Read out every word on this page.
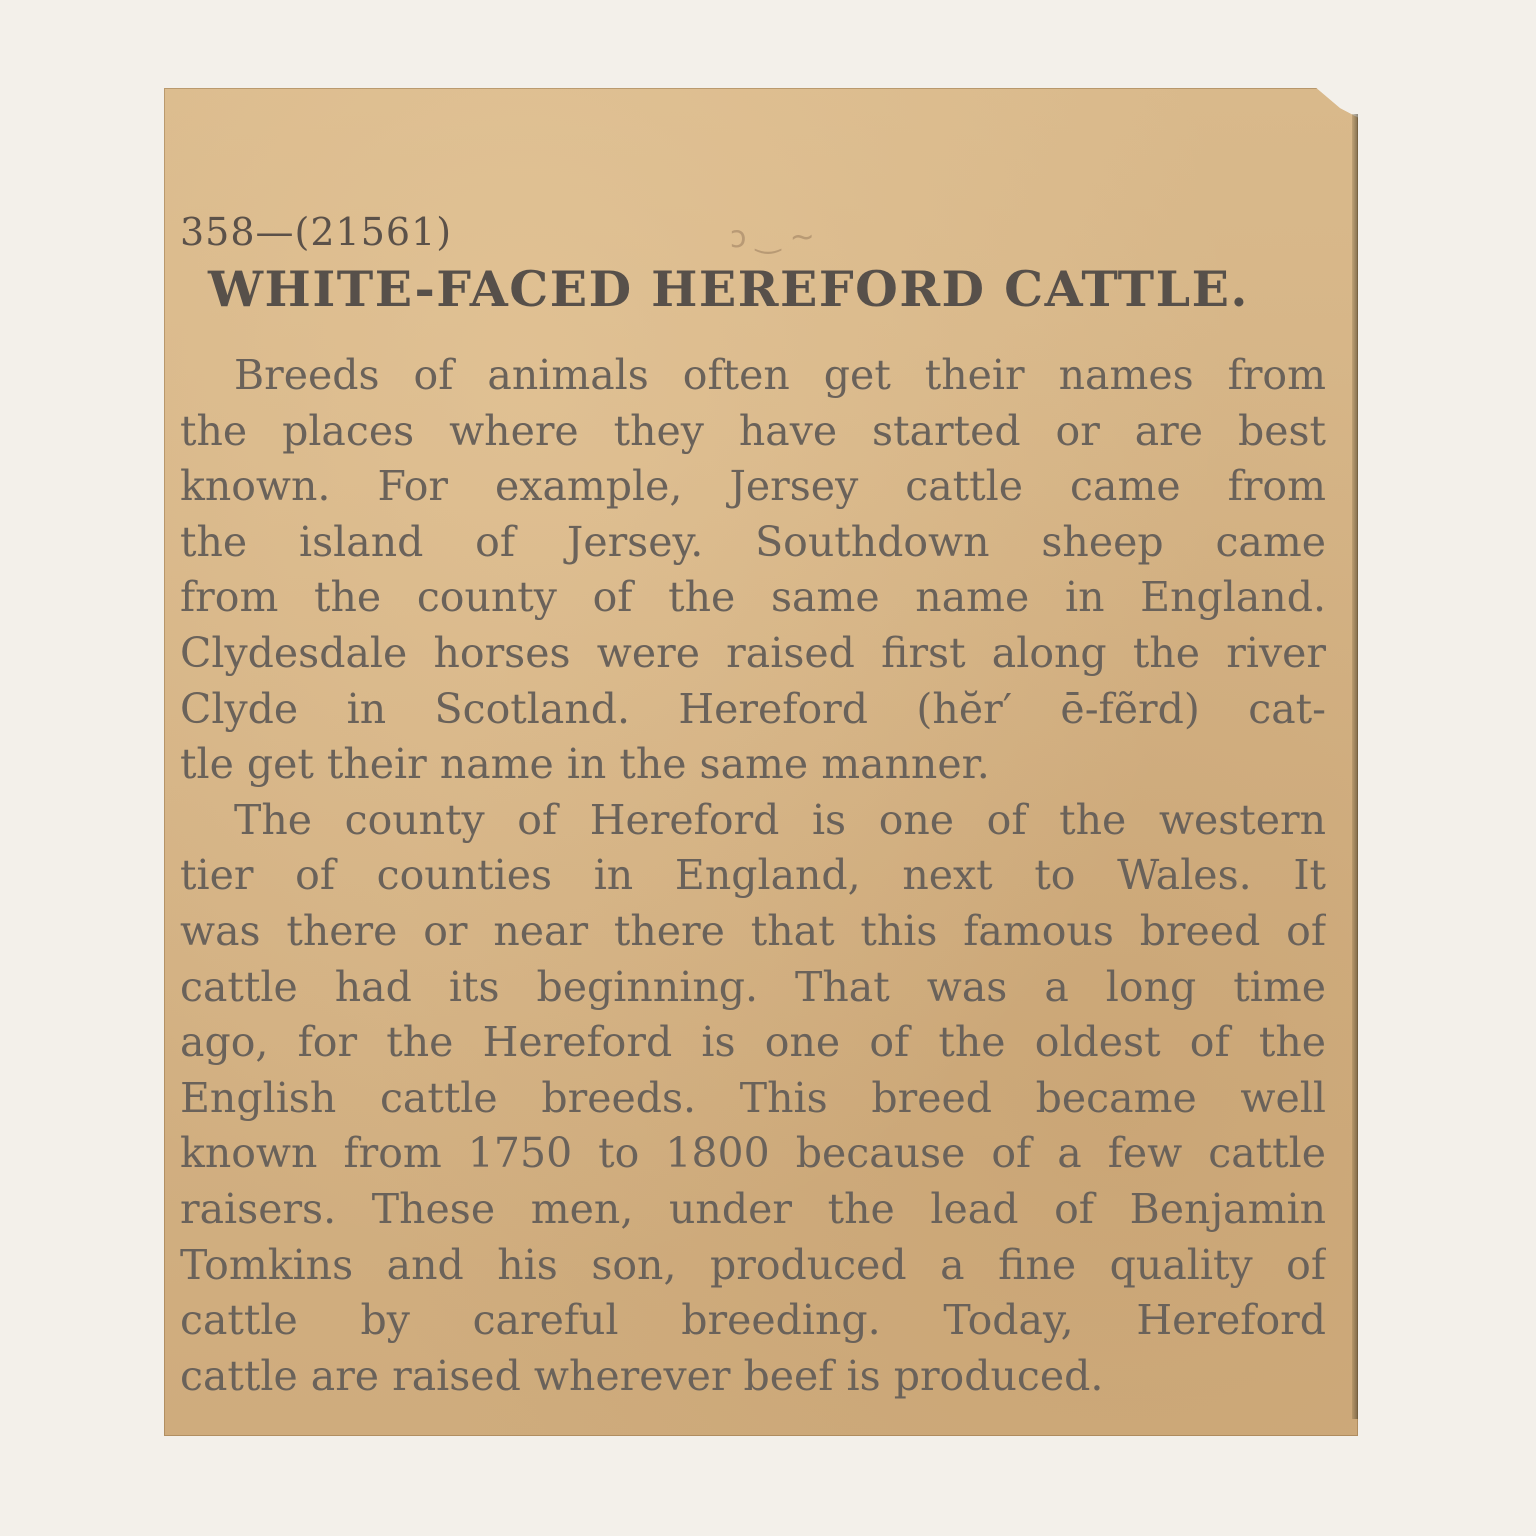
358—(21561)	ↄ ‿ ~
WHITE-FACED HEREFORD CATTLE.
Breeds of animals often get their names from
the places where they have started or are best
known. For example, Jersey cattle came from
the island of Jersey. Southdown sheep came
from the county of the same name in England.
Clydesdale horses were raised first along the river
Clyde in Scotland. Hereford (hĕr′ ē-fẽrd) cat-
tle get their name in the same manner.
The county of Hereford is one of the western
tier of counties in England, next to Wales. It
was there or near there that this famous breed of
cattle had its beginning. That was a long time
ago, for the Hereford is one of the oldest of the
English cattle breeds. This breed became well
known from 1750 to 1800 because of a few cattle
raisers. These men, under the lead of Benjamin
Tomkins and his son, produced a fine quality of
cattle by careful breeding. Today, Hereford
cattle are raised wherever beef is produced.
